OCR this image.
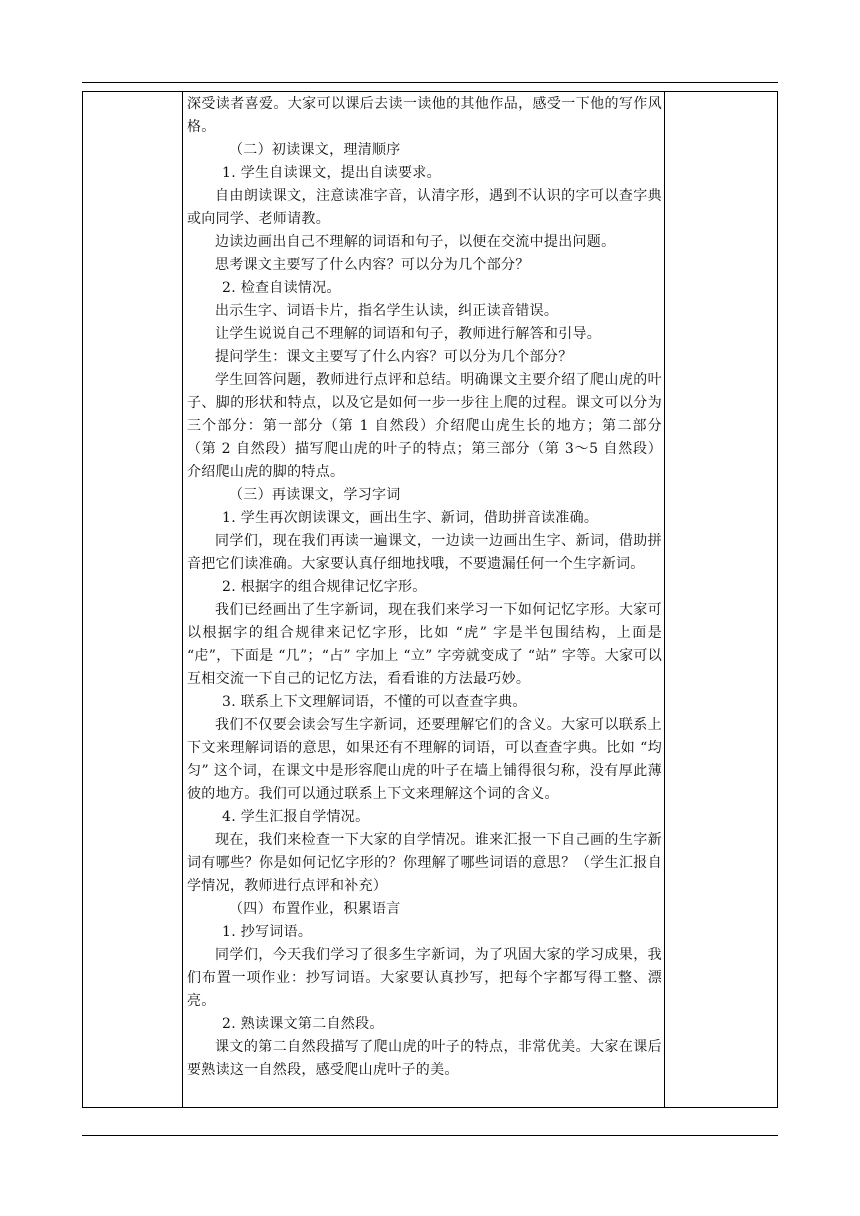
深受读者喜爱。大家可以课后去读一读他的其他作品，感受一下他的写作风格。

（二）初读课文，理清顺序

1. 学生自读课文，提出自读要求。

自由朗读课文，注意读准字音，认清字形，遇到不认识的字可以查字典或向同学、老师请教。

边读边画出自己不理解的词语和句子，以便在交流中提出问题。

思考课文主要写了什么内容？可以分为几个部分？

2. 检查自读情况。

出示生字、词语卡片，指名学生认读，纠正读音错误。

让学生说说自己不理解的词语和句子，教师进行解答和引导。

提问学生：课文主要写了什么内容？可以分为几个部分？

学生回答问题，教师进行点评和总结。明确课文主要介绍了爬山虎的叶子、脚的形状和特点，以及它是如何一步一步往上爬的过程。课文可以分为三个部分：第一部分（第 1 自然段）介绍爬山虎生长的地方；第二部分（第 2 自然段）描写爬山虎的叶子的特点；第三部分（第 3～5 自然段）介绍爬山虎的脚的特点。

（三）再读课文，学习字词

1. 学生再次朗读课文，画出生字、新词，借助拼音读准确。

同学们，现在我们再读一遍课文，一边读一边画出生字、新词，借助拼音把它们读准确。大家要认真仔细地找哦，不要遗漏任何一个生字新词。

2. 根据字的组合规律记忆字形。

我们已经画出了生字新词，现在我们来学习一下如何记忆字形。大家可以根据字的组合规律来记忆字形，比如 “虎” 字是半包围结构，上面是 “虍”，下面是 “几”；“占” 字加上 “立” 字旁就变成了 “站” 字等。大家可以互相交流一下自己的记忆方法，看看谁的方法最巧妙。

3. 联系上下文理解词语，不懂的可以查查字典。

我们不仅要会读会写生字新词，还要理解它们的含义。大家可以联系上下文来理解词语的意思，如果还有不理解的词语，可以查查字典。比如 “均匀” 这个词，在课文中是形容爬山虎的叶子在墙上铺得很匀称，没有厚此薄彼的地方。我们可以通过联系上下文来理解这个词的含义。

4. 学生汇报自学情况。

现在，我们来检查一下大家的自学情况。谁来汇报一下自己画的生字新词有哪些？你是如何记忆字形的？你理解了哪些词语的意思？（学生汇报自学情况，教师进行点评和补充）

（四）布置作业，积累语言

1. 抄写词语。

同学们，今天我们学习了很多生字新词，为了巩固大家的学习成果，我们布置一项作业：抄写词语。大家要认真抄写，把每个字都写得工整、漂亮。

2. 熟读课文第二自然段。

课文的第二自然段描写了爬山虎的叶子的特点，非常优美。大家在课后要熟读这一自然段，感受爬山虎叶子的美。
